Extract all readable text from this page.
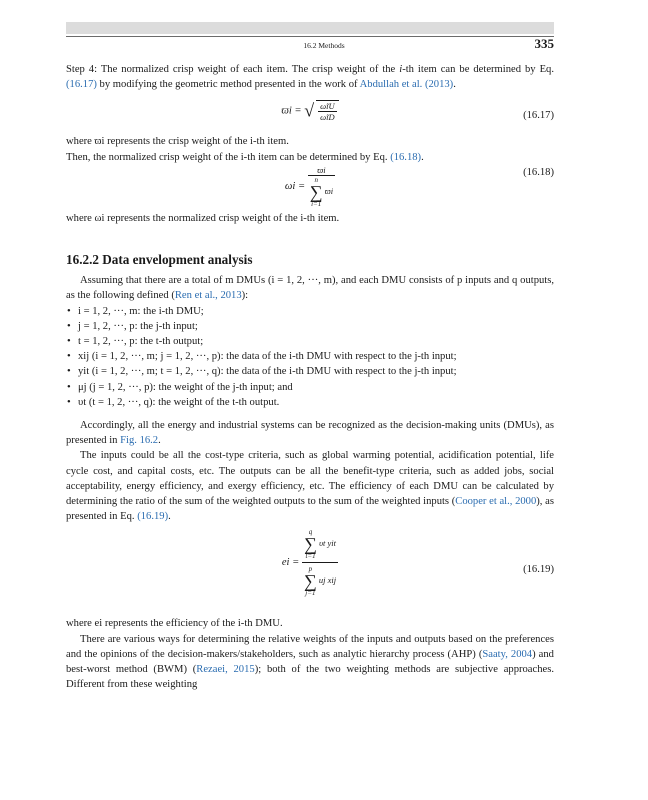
16.2 Methods	335

Step 4: The normalized crisp weight of each item. The crisp weight of the i-th item can be determined by Eq. (16.17) by modifying the geometric method presented in the work of Abdullah et al. (2013).

ϖi = √ $\frac{\omegãiU}{\omegãiD}$	(16.17)

where ϖi represents the crisp weight of the i-th item.

Then, the normalized crisp weight of the i-th item can be determined by Eq. (16.18).

ωi = ϖi
n
∑
i=1 ϖi	(16.18)

where ωi represents the normalized crisp weight of the i-th item.

16.2.2 Data envelopment analysis

Assuming that there are a total of m DMUs (i = 1, 2, ···, m), and each DMU consists of p inputs and q outputs, as the following defined (Ren et al., 2013):

• i = 1, 2, ···, m: the i-th DMU;
• j = 1, 2, ···, p: the j-th input;
• t = 1, 2, ···, p: the t-th output;
• xij (i = 1, 2, ···, m; j = 1, 2, ···, p): the data of the i-th DMU with respect to the j-th input;
• yit (i = 1, 2, ···, m; t = 1, 2, ···, q): the data of the i-th DMU with respect to the j-th input;
• μj (j = 1, 2, ···, p): the weight of the j-th input; and
• υt (t = 1, 2, ···, q): the weight of the t-th output.

Accordingly, all the energy and industrial systems can be recognized as the decision-making units (DMUs), as presented in Fig. 16.2.

The inputs could be all the cost-type criteria, such as global warming potential, acidification potential, life cycle cost, and capital costs, etc. The outputs can be all the benefit-type criteria, such as added jobs, social acceptability, energy efficiency, and exergy efficiency, etc. The efficiency of each DMU can be calculated by determining the ratio of the sum of the weighted outputs to the sum of the weighted inputs (Cooper et al., 2000), as presented in Eq. (16.19).

ei = q
∑
t=1 υt yit
p
∑
j=1 uj xij	(16.19)

where ei represents the efficiency of the i-th DMU.

There are various ways for determining the relative weights of the inputs and outputs based on the preferences and the opinions of the decision-makers/stakeholders, such as analytic hierarchy process (AHP) (Saaty, 2004) and best-worst method (BWM) (Rezaei, 2015); both of the two weighting methods are subjective approaches. Different from these weighting
